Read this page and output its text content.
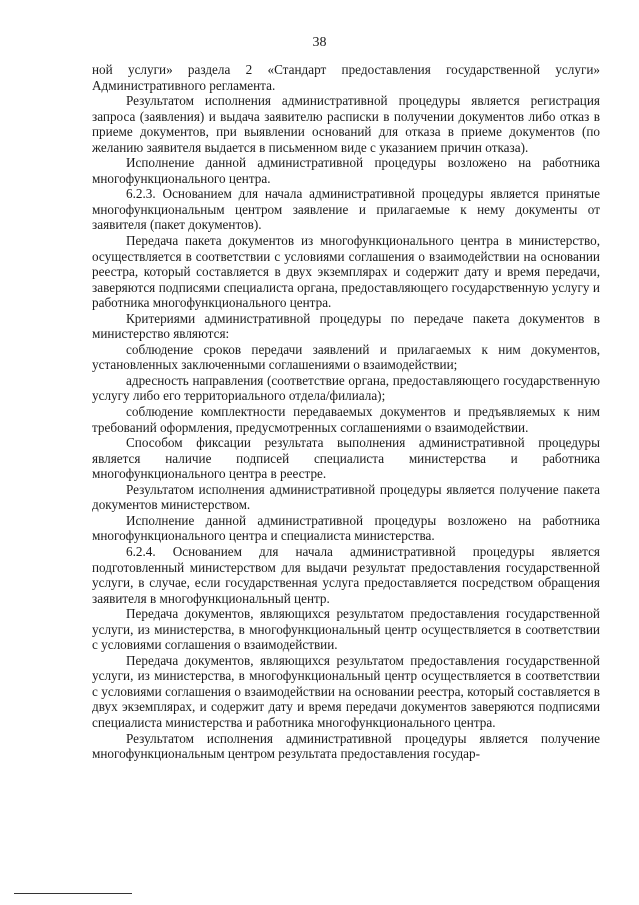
38

ной услуги» раздела 2 «Стандарт предоставления государственной услуги» Административного регламента.

Результатом исполнения административной процедуры является регистрация запроса (заявления) и выдача заявителю расписки в получении документов либо отказ в приеме документов, при выявлении оснований для отказа в приеме документов (по желанию заявителя выдается в письменном виде с указанием причин отказа).

Исполнение данной административной процедуры возложено на работника многофункционального центра.

6.2.3. Основанием для начала административной процедуры является принятые многофункциональным центром заявление и прилагаемые к нему документы от заявителя (пакет документов).

Передача пакета документов из многофункционального центра в министерство, осуществляется в соответствии с условиями соглашения о взаимодействии на основании реестра, который составляется в двух экземплярах и содержит дату и время передачи, заверяются подписями специалиста органа, предоставляющего государственную услугу и работника многофункционального центра.

Критериями административной процедуры по передаче пакета документов в министерство являются:

соблюдение сроков передачи заявлений и прилагаемых к ним документов, установленных заключенными соглашениями о взаимодействии;

адресность направления (соответствие органа, предоставляющего государственную услугу либо его территориального отдела/филиала);

соблюдение комплектности передаваемых документов и предъявляемых к ним требований оформления, предусмотренных соглашениями о взаимодействии.

Способом фиксации результата выполнения административной процедуры является наличие подписей специалиста министерства и работника многофункционального центра в реестре.

Результатом исполнения административной процедуры является получение пакета документов министерством.

Исполнение данной административной процедуры возложено на работника многофункционального центра и специалиста министерства.

6.2.4. Основанием для начала административной процедуры является подготовленный министерством для выдачи результат предоставления государственной услуги, в случае, если государственная услуга предоставляется посредством обращения заявителя в многофункциональный центр.

Передача документов, являющихся результатом предоставления государственной услуги, из министерства, в многофункциональный центр осуществляется в соответствии с условиями соглашения о взаимодействии.

Передача документов, являющихся результатом предоставления государственной услуги, из министерства, в многофункциональный центр осуществляется в соответствии с условиями соглашения о взаимодействии на основании реестра, который составляется в двух экземплярах, и содержит дату и время передачи документов заверяются подписями специалиста министерства и работника многофункционального центра.

Результатом исполнения административной процедуры является получение многофункциональным центром результата предоставления государ-
